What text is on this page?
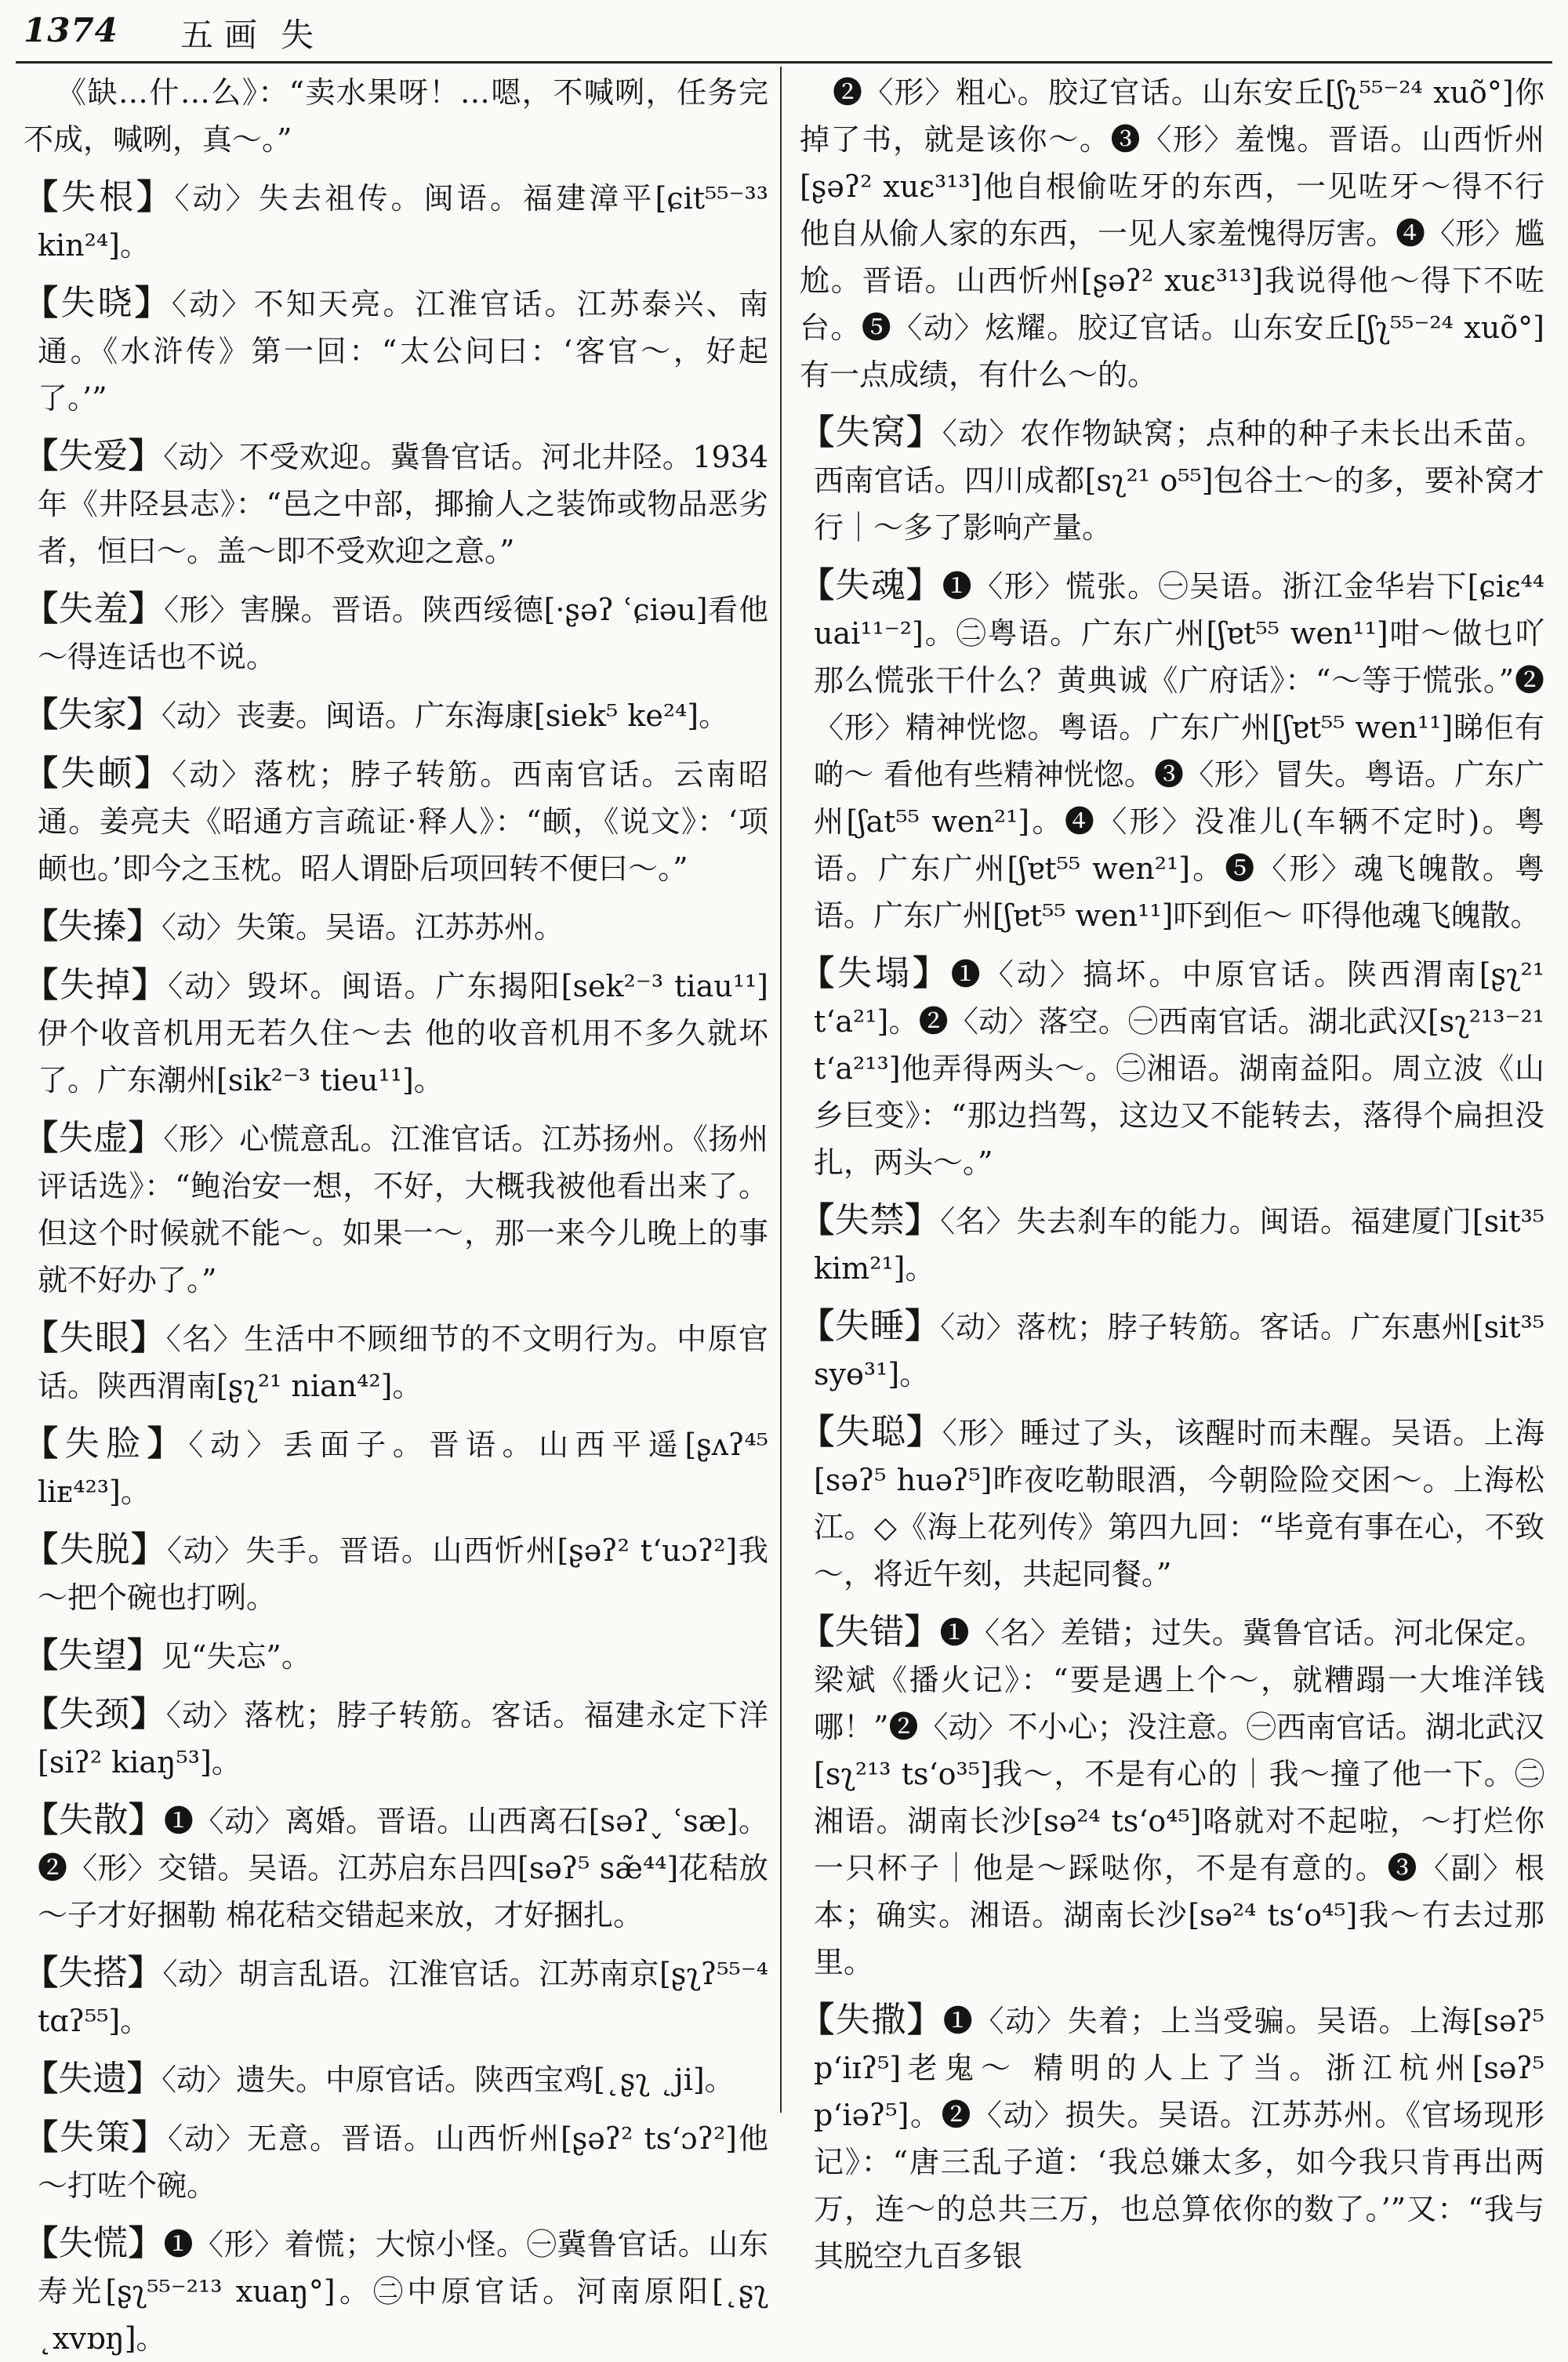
1374 五画 失

《缺…什…么》：“卖水果呀！…嗯，不喊咧，任务完不成，喊咧，真～。”

【失根】〈动〉失去祖传。闽语。福建漳平[ɕit⁵⁵⁻³³ kin²⁴]。

【失晓】〈动〉不知天亮。江淮官话。江苏泰兴、南通。《水浒传》第一回：“太公问曰：‘客官～，好起了。’”

【失爱】〈动〉不受欢迎。冀鲁官话。河北井陉。1934年《井陉县志》：“邑之中部，揶揄人之装饰或物品恶劣者，恒曰～。盖～即不受欢迎之意。”

【失羞】〈形〉害臊。晋语。陕西绥德[·ʂəʔ ʿɕiəu]看他～得连话也不说。

【失家】〈动〉丧妻。闽语。广东海康[siek⁵ ke²⁴]。

【失𬱖】〈动〉落枕；脖子转筋。西南官话。云南昭通。姜亮夫《昭通方言疏证·释人》：“𬱖，《说文》：‘项𬱖也。’即今之玉枕。昭人谓卧后项回转不便曰～。”

【失搸】〈动〉失策。吴语。江苏苏州。

【失掉】〈动〉毁坏。闽语。广东揭阳[sek²⁻³ tiau¹¹]伊个收音机用无若久住～去 他的收音机用不多久就坏了。广东潮州[sik²⁻³ tieu¹¹]。

【失虚】〈形〉心慌意乱。江淮官话。江苏扬州。《扬州评话选》：“鲍治安一想，不好，大概我被他看出来了。但这个时候就不能～。如果一～，那一来今儿晚上的事就不好办了。”

【失眼】〈名〉生活中不顾细节的不文明行为。中原官话。陕西渭南[ʂʅ²¹ nian⁴²]。

【失脸】〈动〉丢面子。晋语。山西平遥[ʂʌʔ⁴⁵ liᴇ⁴²³]。

【失脱】〈动〉失手。晋语。山西忻州[ʂəʔ² tʻuɔʔ²]我～把个碗也打咧。

【失望】见“失忘”。

【失颈】〈动〉落枕；脖子转筋。客话。福建永定下洋[siʔ² kiaŋ⁵³]。

【失散】❶〈动〉离婚。晋语。山西离石[səʔ˯ ʿsæ]。❷〈形〉交错。吴语。江苏启东吕四[səʔ⁵ sæ̃⁴⁴]花秸放～子才好捆勒 棉花秸交错起来放，才好捆扎。

【失搭】〈动〉胡言乱语。江淮官话。江苏南京[ʂʅʔ⁵⁵⁻⁴ tɑʔ⁵⁵]。

【失遗】〈动〉遗失。中原官话。陕西宝鸡[˛ʂʅ ˛ji]。

【失策】〈动〉无意。晋语。山西忻州[ʂəʔ² tsʻɔʔ²]他～打咗个碗。

【失慌】❶〈形〉着慌；大惊小怪。㊀冀鲁官话。山东寿光[ʂʅ⁵⁵⁻²¹³ xuaŋ°]。㊁中原官话。河南原阳[˛ʂʅ ˛xvɒŋ]。

❷〈形〉粗心。胶辽官话。山东安丘[ʃʅ⁵⁵⁻²⁴ xuõ°]你掉了书，就是该你～。❸〈形〉羞愧。晋语。山西忻州[ʂəʔ² xuɛ³¹³]他自根偷咗牙的东西，一见咗牙～得不行 他自从偷人家的东西，一见人家羞愧得厉害。❹〈形〉尴尬。晋语。山西忻州[ʂəʔ² xuɛ³¹³]我说得他～得下不咗台。❺〈动〉炫耀。胶辽官话。山东安丘[ʃʅ⁵⁵⁻²⁴ xuõ°]有一点成绩，有什么～的。

【失窝】〈动〉农作物缺窝；点种的种子未长出禾苗。西南官话。四川成都[sʅ²¹ o⁵⁵]包谷土～的多，要补窝才行｜～多了影响产量。

【失魂】❶〈形〉慌张。㊀吴语。浙江金华岩下[ɕiɛ⁴⁴ uai¹¹⁻²]。㊁粤语。广东广州[ʃɐt⁵⁵ wen¹¹]咁～做乜吖 那么慌张干什么？黄典诚《广府话》：“～等于慌张。”❷〈形〉精神恍惚。粤语。广东广州[ʃɐt⁵⁵ wen¹¹]睇佢有啲～ 看他有些精神恍惚。❸〈形〉冒失。粤语。广东广州[ʃat⁵⁵ wen²¹]。❹〈形〉没准儿(车辆不定时)。粤语。广东广州[ʃɐt⁵⁵ wen²¹]。❺〈形〉魂飞魄散。粤语。广东广州[ʃɐt⁵⁵ wen¹¹]吓到佢～ 吓得他魂飞魄散。

【失塌】❶〈动〉搞坏。中原官话。陕西渭南[ʂʅ²¹ tʻa²¹]。❷〈动〉落空。㊀西南官话。湖北武汉[sʅ²¹³⁻²¹ tʻa²¹³]他弄得两头～。㊁湘语。湖南益阳。周立波《山乡巨变》：“那边挡驾，这边又不能转去，落得个扁担没扎，两头～。”

【失禁】〈名〉失去刹车的能力。闽语。福建厦门[sit³⁵ kim²¹]。

【失睡】〈动〉落枕；脖子转筋。客话。广东惠州[sit³⁵ syɵ³¹]。

【失聪】〈形〉睡过了头，该醒时而未醒。吴语。上海[səʔ⁵ huəʔ⁵]昨夜吃勒眼酒，今朝险险交困～。上海松江。◇《海上花列传》第四九回：“毕竟有事在心，不致～，将近午刻，共起同餐。”

【失错】❶〈名〉差错；过失。冀鲁官话。河北保定。梁斌《播火记》：“要是遇上个～，就糟蹋一大堆洋钱哪！”❷〈动〉不小心；没注意。㊀西南官话。湖北武汉[sʅ²¹³ tsʻo³⁵]我～，不是有心的｜我～撞了他一下。㊁湘语。湖南长沙[sə²⁴ tsʻo⁴⁵]咯就对不起啦，～打烂你一只杯子｜他是～踩哒你，不是有意的。❸〈副〉根本；确实。湘语。湖南长沙[sə²⁴ tsʻo⁴⁵]我～冇去过那里。

【失撒】❶〈动〉失着；上当受骗。吴语。上海[səʔ⁵ pʻiɪʔ⁵]老鬼～ 精明的人上了当。浙江杭州[səʔ⁵ pʻiəʔ⁵]。❷〈动〉损失。吴语。江苏苏州。《官场现形记》：“唐三乱子道：‘我总嫌太多，如今我只肯再出两万，连～的总共三万，也总算依你的数了。’”又：“我与其脱空九百多银
